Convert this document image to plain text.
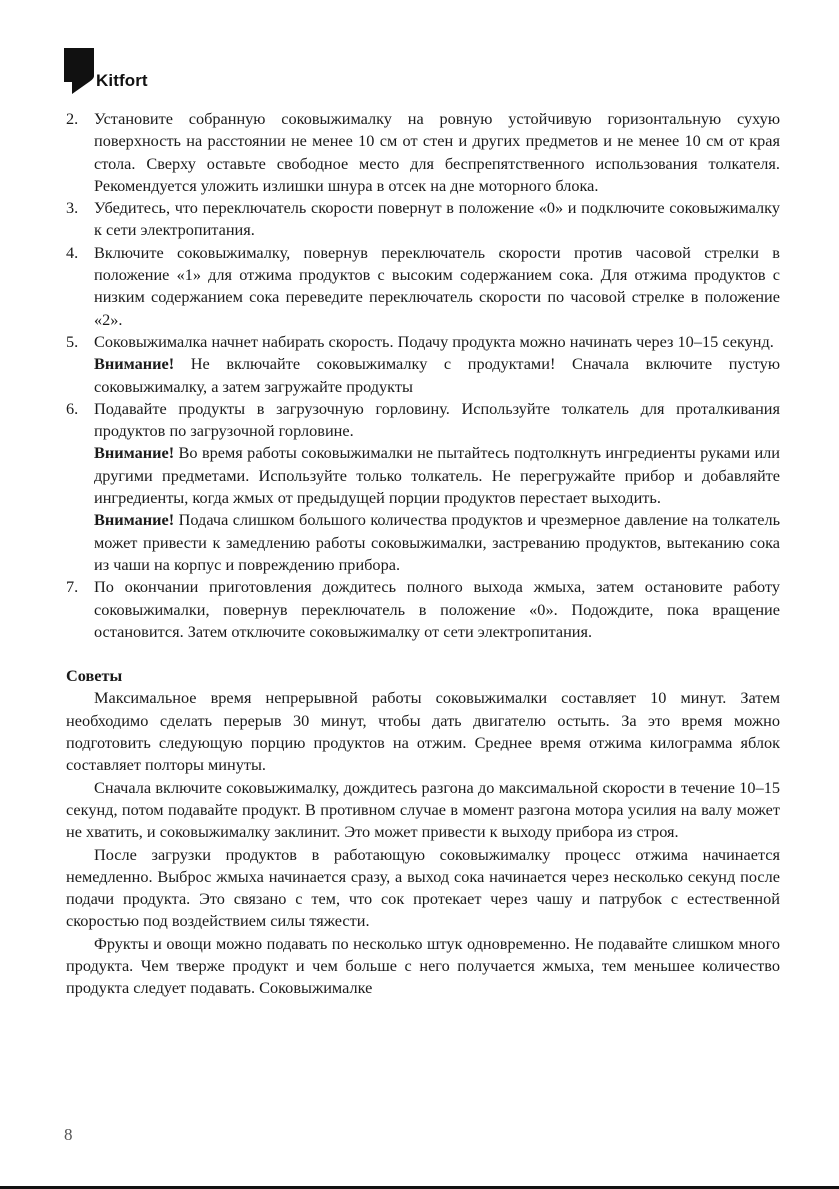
Kitfort
2. Установите собранную соковыжималку на ровную устойчивую горизонтальную сухую поверхность на расстоянии не менее 10 см от стен и других предметов и не менее 10 см от края стола. Сверху оставьте свободное место для беспрепятственного использования толкателя. Рекомендуется уложить излишки шнура в отсек на дне моторного блока.

3. Убедитесь, что переключатель скорости повернут в положение «0» и подключите соковыжималку к сети электропитания.

4. Включите соковыжималку, повернув переключатель скорости против часовой стрелки в положение «1» для отжима продуктов с высоким содержанием сока. Для отжима продуктов с низким содержанием сока переведите переключатель скорости по часовой стрелке в положение «2».

5. Соковыжималка начнет набирать скорость. Подачу продукта можно начинать через 10–15 секунд.

Внимание! Не включайте соковыжималку с продуктами! Сначала включите пустую соковыжималку, а затем загружайте продукты

6. Подавайте продукты в загрузочную горловину. Используйте толкатель для проталкивания продуктов по загрузочной горловине.

Внимание! Во время работы соковыжималки не пытайтесь подтолкнуть ингредиенты руками или другими предметами. Используйте только толкатель. Не перегружайте прибор и добавляйте ингредиенты, когда жмых от предыдущей порции продуктов перестает выходить.

Внимание! Подача слишком большого количества продуктов и чрезмерное давление на толкатель может привести к замедлению работы соковыжималки, застреванию продуктов, вытеканию сока из чаши на корпус и повреждению прибора.

7. По окончании приготовления дождитесь полного выхода жмыха, затем остановите работу соковыжималки, повернув переключатель в положение «0». Подождите, пока вращение остановится. Затем отключите соковыжималку от сети электропитания.

Советы

Максимальное время непрерывной работы соковыжималки составляет 10 минут. Затем необходимо сделать перерыв 30 минут, чтобы дать двигателю остыть. За это время можно подготовить следующую порцию продуктов на отжим. Среднее время отжима килограмма яблок составляет полторы минуты.

Сначала включите соковыжималку, дождитесь разгона до максимальной скорости в течение 10–15 секунд, потом подавайте продукт. В противном случае в момент разгона мотора усилия на валу может не хватить, и соковыжималку заклинит. Это может привести к выходу прибора из строя.

После загрузки продуктов в работающую соковыжималку процесс отжима начинается немедленно. Выброс жмыха начинается сразу, а выход сока начинается через несколько секунд после подачи продукта. Это связано с тем, что сок протекает через чашу и патрубок с естественной скоростью под воздействием силы тяжести.

Фрукты и овощи можно подавать по несколько штук одновременно. Не подавайте слишком много продукта. Чем тверже продукт и чем больше с него получается жмыха, тем меньшее количество продукта следует подавать. Соковыжималке

8
